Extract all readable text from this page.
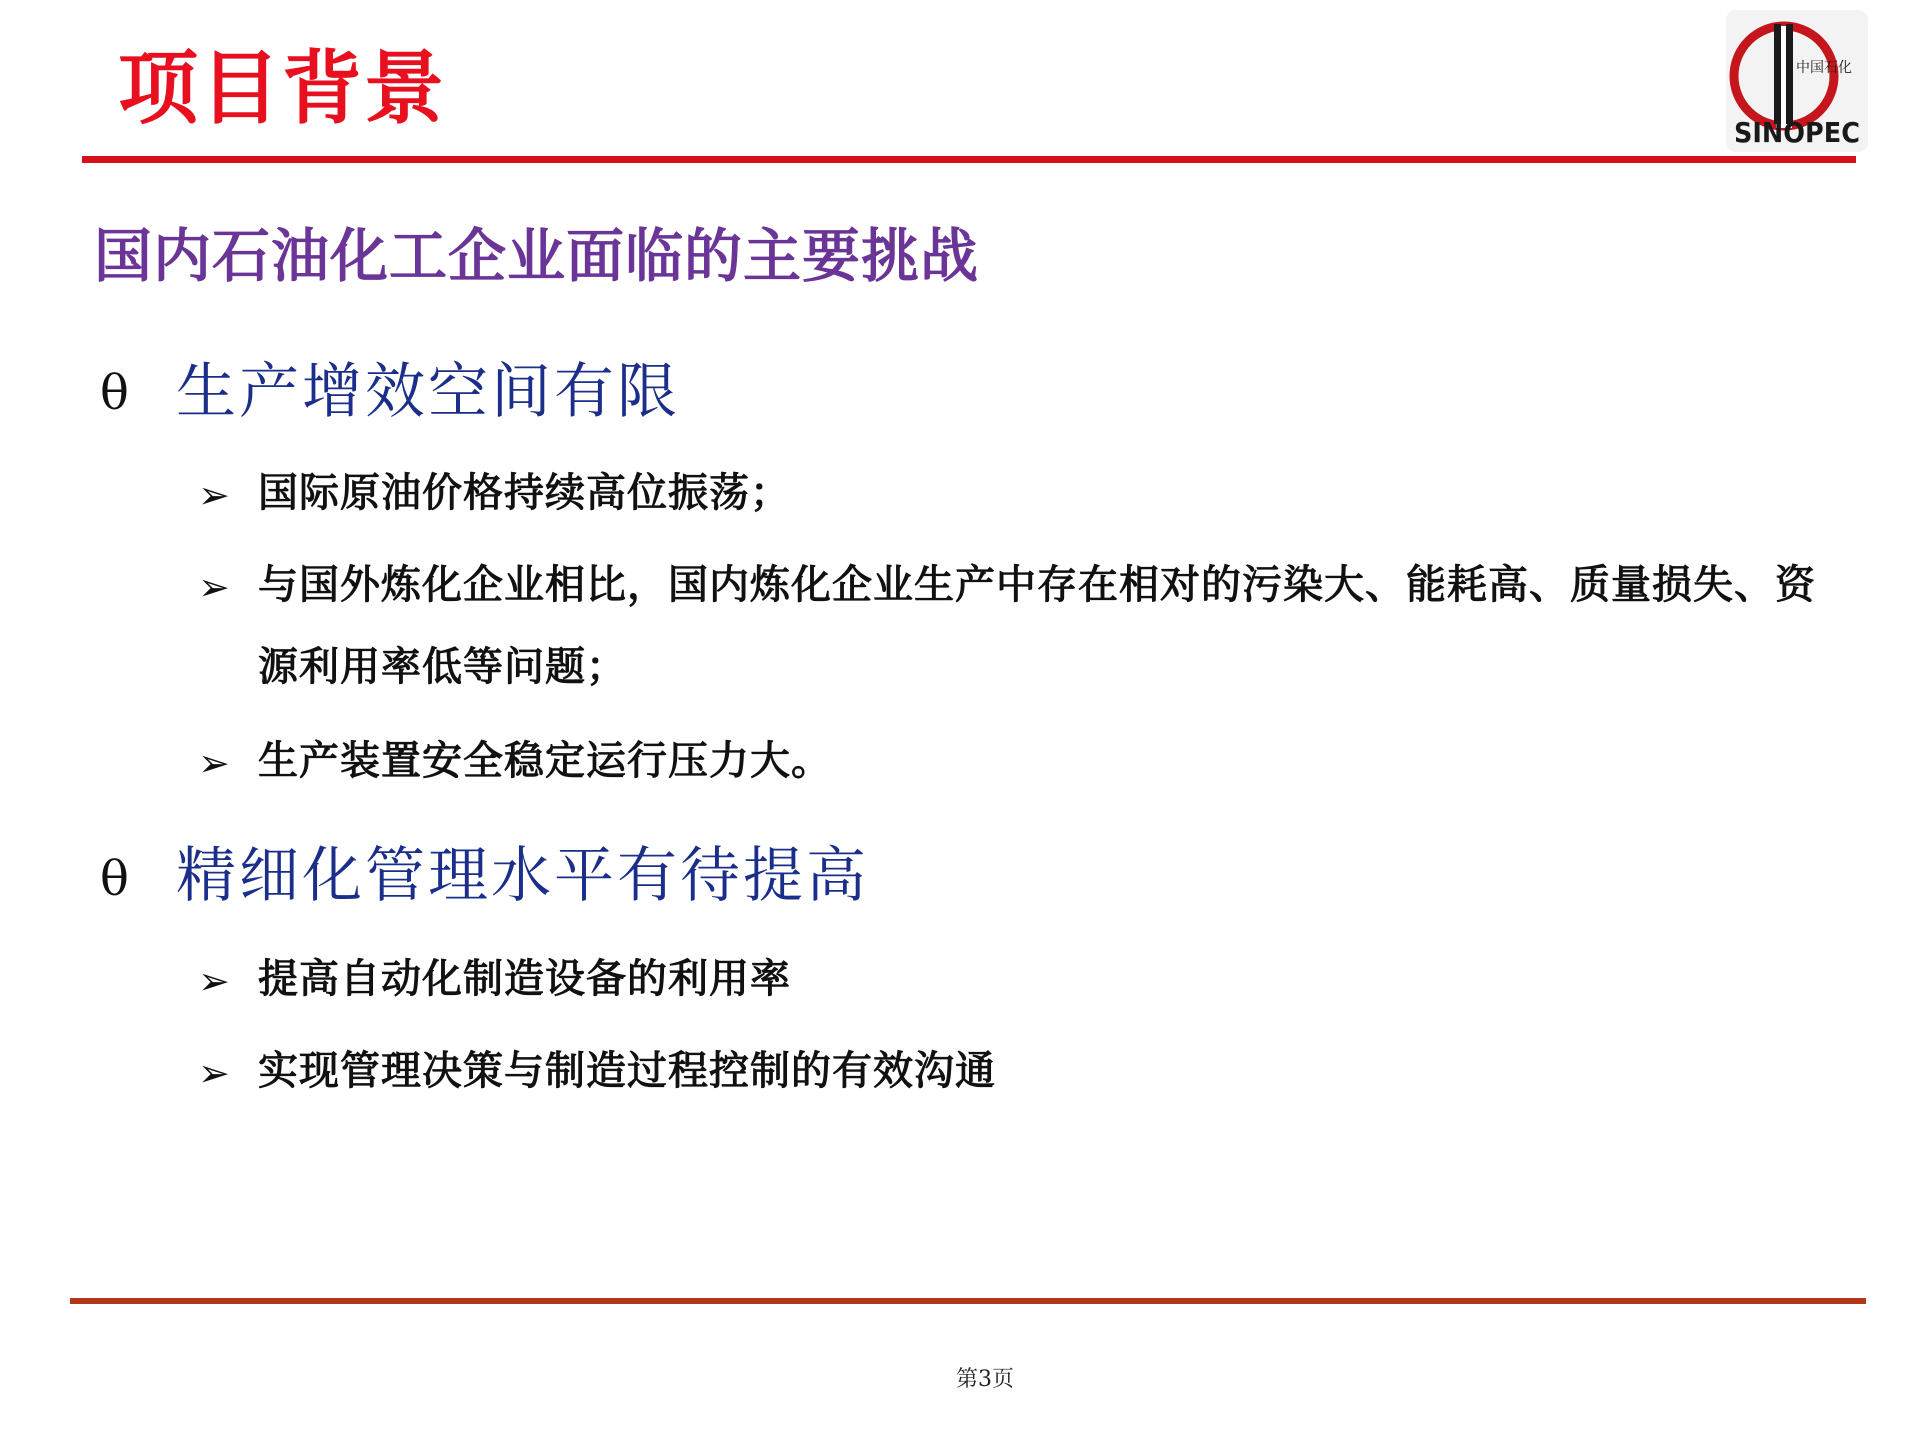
项目背景	中国石化
SINOPEC
国内石油化工企业面临的主要挑战
θ 生产增效空间有限
➢ 国际原油价格持续高位振荡；
➢ 与国外炼化企业相比，国内炼化企业生产中存在相对的污染大、能耗高、质量损失、资源利用率低等问题；
➢ 生产装置安全稳定运行压力大。
θ 精细化管理水平有待提高
➢ 提高自动化制造设备的利用率
➢ 实现管理决策与制造过程控制的有效沟通
第3页
